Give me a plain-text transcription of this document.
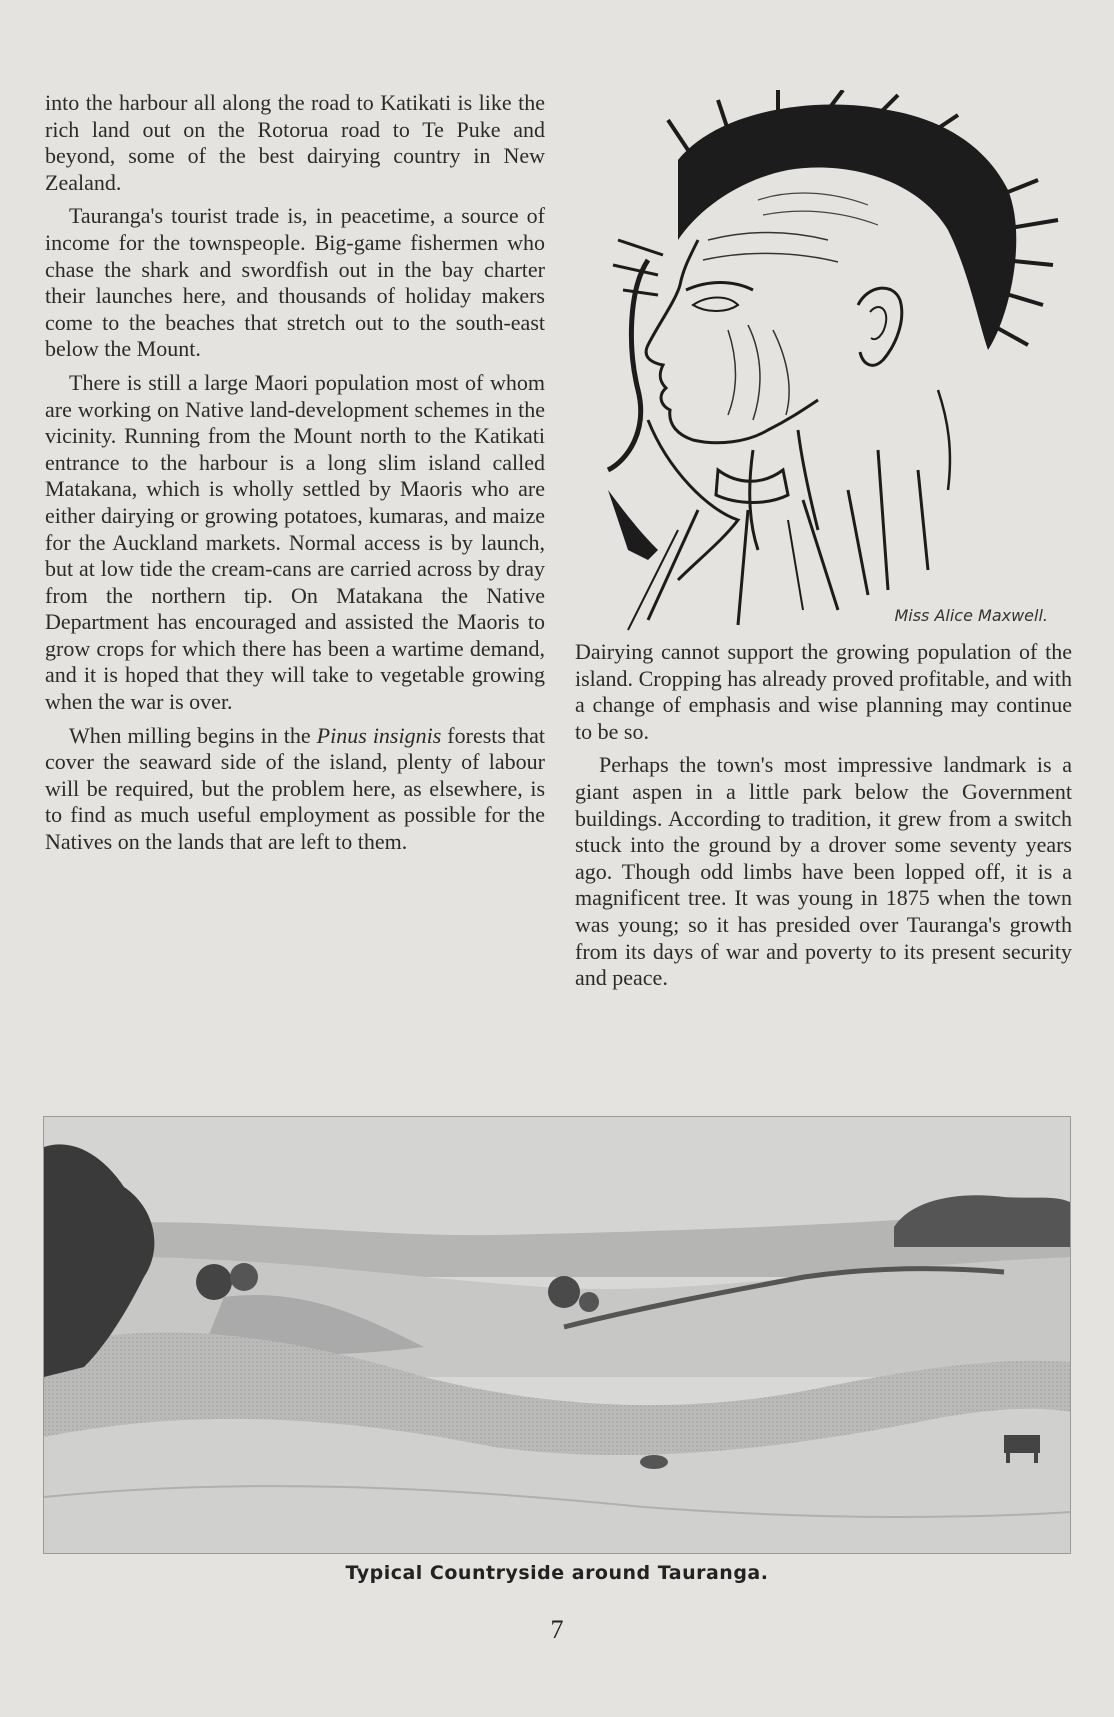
into the harbour all along the road to Katikati is like the rich land out on the Rotorua road to Te Puke and beyond, some of the best dairying country in New Zealand.

Tauranga's tourist trade is, in peacetime, a source of income for the townspeople. Big-game fishermen who chase the shark and swordfish out in the bay charter their launches here, and thousands of holiday makers come to the beaches that stretch out to the south-east below the Mount.

There is still a large Maori population most of whom are working on Native land-development schemes in the vicinity. Running from the Mount north to the Katikati entrance to the harbour is a long slim island called Matakana, which is wholly settled by Maoris who are either dairying or growing potatoes, kumaras, and maize for the Auckland markets. Normal access is by launch, but at low tide the cream-cans are carried across by dray from the northern tip. On Matakana the Native Department has encouraged and assisted the Maoris to grow crops for which there has been a wartime demand, and it is hoped that they will take to vegetable growing when the war is over.

When milling begins in the Pinus insignis forests that cover the seaward side of the island, plenty of labour will be required, but the problem here, as elsewhere, is to find as much useful employment as possible for the Natives on the lands that are left to them.

Miss Alice Maxwell.

Dairying cannot support the growing population of the island. Cropping has already proved profitable, and with a change of emphasis and wise planning may continue to be so.

Perhaps the town's most impressive landmark is a giant aspen in a little park below the Government buildings. According to tradition, it grew from a switch stuck into the ground by a drover some seventy years ago. Though odd limbs have been lopped off, it is a magnificent tree. It was young in 1875 when the town was young; so it has presided over Tauranga's growth from its days of war and poverty to its present security and peace.

Typical Countryside around Tauranga.
7
